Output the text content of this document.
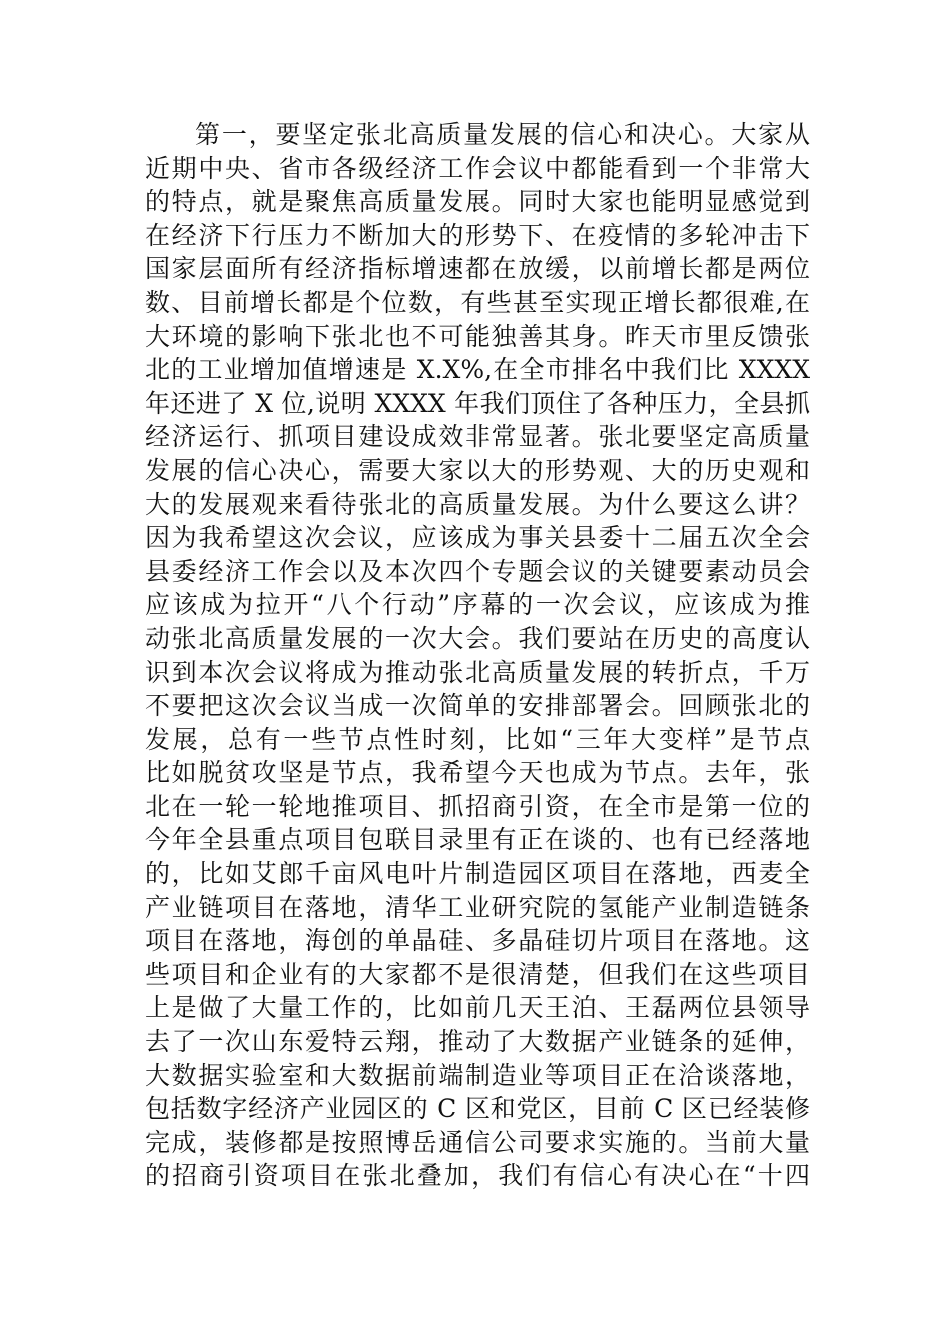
第一，要坚定张北高质量发展的信心和决心。大家从
近期中央、省市各级经济工作会议中都能看到一个非常大
的特点，就是聚焦高质量发展。同时大家也能明显感觉到
在经济下行压力不断加大的形势下、在疫情的多轮冲击下
国家层面所有经济指标增速都在放缓，以前增长都是两位
数、目前增长都是个位数，有些甚至实现正增长都很难,在
大环境的影响下张北也不可能独善其身。昨天市里反馈张
北的工业增加值增速是 X.X%,在全市排名中我们比 XXXX
年还进了 X 位,说明 XXXX 年我们顶住了各种压力，全县抓
经济运行、抓项目建设成效非常显著。张北要坚定高质量
发展的信心决心，需要大家以大的形势观、大的历史观和
大的发展观来看待张北的高质量发展。为什么要这么讲？
因为我希望这次会议，应该成为事关县委十二届五次全会
县委经济工作会以及本次四个专题会议的关键要素动员会
应该成为拉开“八个行动”序幕的一次会议，应该成为推
动张北高质量发展的一次大会。我们要站在历史的高度认
识到本次会议将成为推动张北高质量发展的转折点，千万
不要把这次会议当成一次简单的安排部署会。回顾张北的
发展，总有一些节点性时刻，比如“三年大变样”是节点
比如脱贫攻坚是节点，我希望今天也成为节点。去年，张
北在一轮一轮地推项目、抓招商引资，在全市是第一位的
今年全县重点项目包联目录里有正在谈的、也有已经落地
的，比如艾郎千亩风电叶片制造园区项目在落地，西麦全
产业链项目在落地，清华工业研究院的氢能产业制造链条
项目在落地，海创的单晶硅、多晶硅切片项目在落地。这
些项目和企业有的大家都不是很清楚，但我们在这些项目
上是做了大量工作的，比如前几天王泊、王磊两位县领导
去了一次山东爱特云翔，推动了大数据产业链条的延伸，
大数据实验室和大数据前端制造业等项目正在洽谈落地，
包括数字经济产业园区的 C 区和党区，目前 C 区已经装修
完成，装修都是按照博岳通信公司要求实施的。当前大量
的招商引资项目在张北叠加，我们有信心有决心在“十四
